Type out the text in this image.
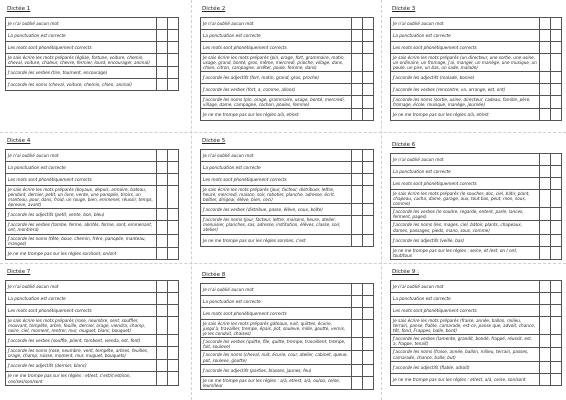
Dictée 1
Je n'ai oublié aucun mot		
La ponctuation est correcte		
Les mots sont phonétiquement corrects		
Je sais écrire les mots préparés (église, fortune, voiture, chemin, cheval, voiture, chaleur, chevre, fermier, lourd, encourager, animal)		
J'accorde les verbes (tire, tournent, encourage)		
J'accorde les noms (cheval, voiture, chemin, chien, animal)		
Dictée 2
Je n'ai oublié aucun mot		
La ponctuation est correcte		
Les mots sont phonétiquement corrects		
Je sais écrire les mots préparés (pin, orage, fort, grammaire, matin, usage, grand, bonté, gros, même, mercredi, prioche, village, dans, chien, citron, campagne, arrêter, poule, femme, dans)		
J'accorde les adjectifs (fort, matin, grand, gros, proche)		
J'accorde les verbes (fort, a, comme, allons)		
J'accorde les noms (pin, orage, grammaire, usage, bonté, mercredi, village, dame, campagne, cochon, poules, femme)		
Je ne me trompe pas sur les règles a/à, et/est		
Dictée 3
Je n'ai oublié aucun mot		
La ponctuation est correcte		
Les mots sont phonétiquement corrects		
Je sais écrire les mots préparés (un directeur, une sortie, une usine, un ordinaire, un fromage, j'ai, manger, un manège, une musique, un poule, un pire, un bas, un sade, malade)		
J'accorde les adjectifs (malade, bonne)		
J'accorde les verbes (rencontre, va, arrange, est, ont)		
J'accorde les noms (sortie, usine, directeur, cadeau, famille, père, fromage, école, musique, manège, journée)		
Je ne me trompe pas sur les règles a/à, et/est		
Dictée 4
Je n'ai oublié aucun mot		
La ponctuation est correcte		
Les mots sont phonétiquement corrects		
Je sais écrire les mots préparés (boyaux, depuis, armoire, bateau, pendant, dernier, petit, un livre, vente, une panoplie, tiroirs, un manteau, pour, dans, froid, un rouge, bien, emmener, réussir, temps, épreuve, avant)		
J'accorde les adjectifs (petit, vente, bon, bleu)		
J'accorde les verbes (tombe, ferme, abrités, forme, sont, emmenant, ont, montrera)		
J'accorde les noms (tête, boue, chemin, frère, panoplie, manteau, mangez)		
Je ne me trompe pas sur les règles son/sont, on/ont		
Dictée 5
Je n'ai oublié aucun mot		
La ponctuation est correcte		
Les mots sont phonétiquement corrects		
Je sais écrire les mots préparés (jour, facteur, distribuer, lettre, heure, mercredi, maison, soir, robotier, planche, adresse, écrit, boîtier, dirigeai, élève, bien, ceci)		
J'accorde les verbes (distribue, passe, élève, voux, boîte)		
J'accorde les noms (jour, facteur, lettre, maisons, heure, atelier, menuisier, planches, sas, adresse, institution, élèves, classe, soir, atelier)		
Je ne me trompe pas sur les règles son/ses, c'est		
Dictée 6
Je n'ai oublié aucun mot		
La ponctuation est correcte		
Les mots sont phonétiquement corrects		
Je sais écrire les mots préparés (le soucher, doc, ciel, bâtir, plant, chapeau, cacha, dame, garage, aux, tout bas, peut, mon, sous, comme)		
J'accorde les verbes (le soudre, regarde, entent, parle, lances, ferment, pages)		
J'accorde les noms (les, mages, ciel, bâtoir, plants, chapeaux, dames, passages, pieds, mano, sous, comme)		
J'accorde les adjectifs (veille, bas)		
Je ne me trompe pas sur les règles : se/ce, et /est, on / ont, tout/tous		
Dictée 7
Je n'ai oublié aucun mot		
La ponctuation est correcte		
Les mots sont phonétiquement corrects		
Je sais écrire les mots préparés (rose, neumbre, sent, souffler, mouvant, tempête, arbre, feuille, dernier, orage, viendra, champ, noire, ciel, moment, rentrer, mur, muguet, blanc, bouquet)		
J'accorde les verbes (souffle, plient, tombent, vienda, est, font)		
J'accorde les noms (rose, neumbre, vent, tempête, arbres, feuilles, orage, champ, ruisse, moment, mur, muguet, bouquets)		
J'accorde les adjectifs (dernier, blanc)		
Je ne me trompe pas sur les règles : et/est, c'est/s'est/son, ces/ses/son/sont		
Dictée 8
Je n'ai oublié aucun mot		
La ponctuation est correcte		
Les mots sont phonétiquement corrects		
Je sais écrire les mots préparés gâteaux, nuit, quittes, écurie, jusqu'à, travailler, trempe, épais, pot, souleve, mille, goutte, vernis, je les conduit, chaises)		
J'accorde les verbes (quitte, file, quitte, trempe, travaillent, trempe, fait, souleve)		
J'accorde les noms (cheval, nuit, écurie, cour, atelier, cabinet, queue, pot, souleve, goutte)		
J'accorde les adjectifs (parties, blasses, jaunes, feu)		
Je ne me trompe pas sur les règles : a/à, et/est, a/à, ou/où, ce/se, leurs/leur		
Dictée 9 :
Je n'ai oublié aucun mot		
La ponctuation est correcte		
Les mots sont phonétiquement corrects		
Je sais écrire les mots préparés (fraise, année, ballon, milieu, terrain, panse, fiable, camarade, est-ce, panse que, advoit, chance, tôt, fond, Frappes, balle, bord)		
J'accorde les verbes (lamente, grandit, bondé, frappé, réussit, est, a, frappe, tenait)		
J'accorde les noms (fraise, année, ballon, milieu, terrain, passes, camarade, chance, balle, but)		
J'accorde les adjectifs (fiable, adroit)		
Je ne me trompe pas sur les règles : et/est, a/à, ce/se, son/sont		
